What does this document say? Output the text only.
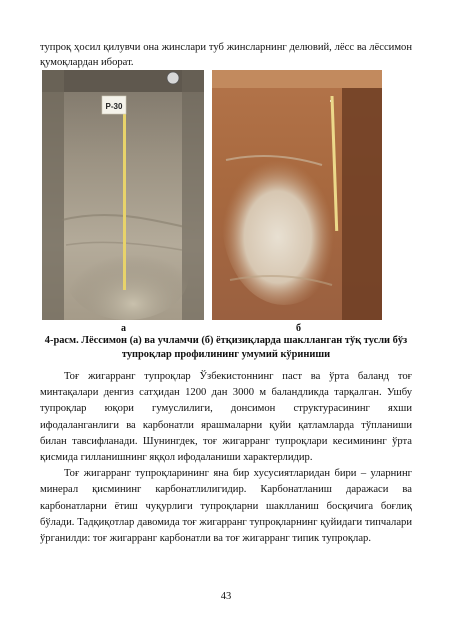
тупроқ ҳосил қилувчи она жинслари туб жинсларнинг делювий, лёсс ва лёссимон қумоқлардан иборат.
P-30
а	б
4-расм. Лёссимон (а) ва учламчи (б) ётқизиқларда шаклланган тўқ тусли бўз тупроқлар профилининг умумий кўриниши

Тоғ жигарранг тупроқлар Ўзбекистоннинг паст ва ўрта баланд тоғ минтақалари денгиз сатҳидан 1200 дан 3000 м баландликда тарқалган. Ушбу тупроқлар юқори гумуслилиги, донсимон структурасининг яхши ифодаланганлиги ва карбонатли ярашмаларни қуйи қатламларда тўпланиши билан тавсифланади. Шунингдек, тоғ жигарранг тупроқлари кесимининг ўрта қисмида гилланишнинг яққол ифодаланиши характерлидир.

Тоғ жигарранг тупроқларининг яна бир хусусиятларидан бири – уларнинг минерал қисмининг карбонатлилигидир. Карбонатланиш даражаси ва карбонатларни ётиш чуқурлиги тупроқларни шаклланиш босқичига боғлиқ бўлади. Тадқиқотлар давомида тоғ жигарранг тупроқларнинг қуйидаги типчалари ўрганилди: тоғ жигарранг карбонатли ва тоғ жигарранг типик тупроқлар.

43
